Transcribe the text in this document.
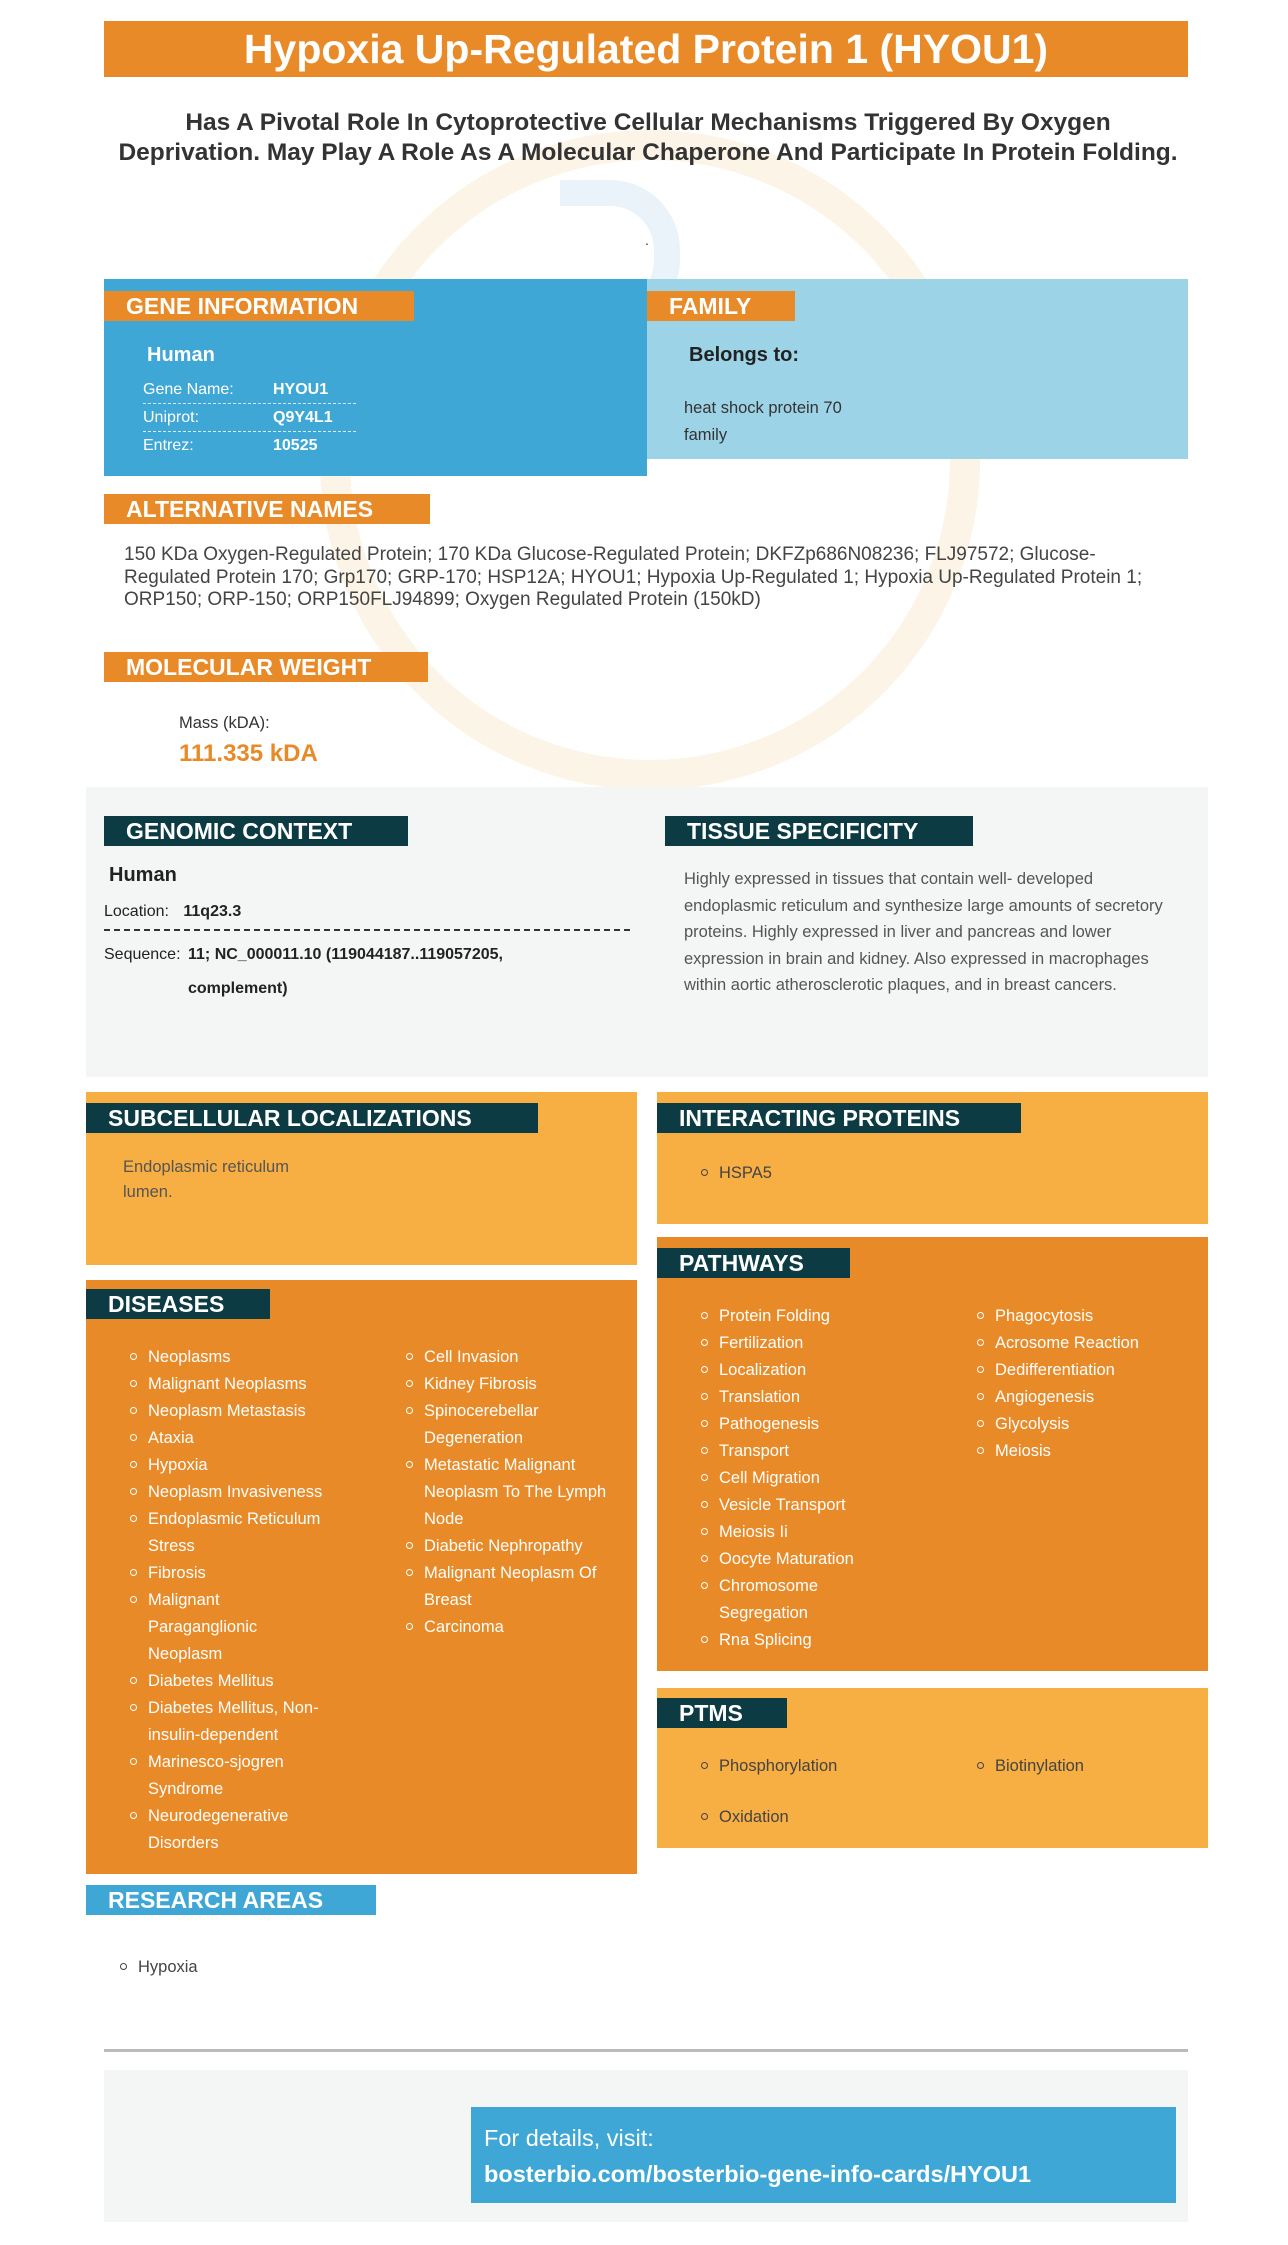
Hypoxia Up-Regulated Protein 1 (HYOU1)
Has A Pivotal Role In Cytoprotective Cellular Mechanisms Triggered By Oxygen Deprivation. May Play A Role As A Molecular Chaperone And Participate In Protein Folding.
.
GENE INFORMATION
Human
Gene Name:	HYOU1
Uniprot:	Q9Y4L1
Entrez:	10525
FAMILY
Belongs to:
heat shock protein 70 family
ALTERNATIVE NAMES
150 KDa Oxygen-Regulated Protein; 170 KDa Glucose-Regulated Protein; DKFZp686N08236; FLJ97572; Glucose-Regulated Protein 170; Grp170; GRP-170; HSP12A; HYOU1; Hypoxia Up-Regulated 1; Hypoxia Up-Regulated Protein 1; ORP150; ORP-150; ORP150FLJ94899; Oxygen Regulated Protein (150kD)
MOLECULAR WEIGHT
Mass (kDA):
111.335 kDA
GENOMIC CONTEXT
Human
Location: 11q23.3
Sequence: 11; NC_000011.10 (119044187..119057205, complement)
TISSUE SPECIFICITY
Highly expressed in tissues that contain well- developed endoplasmic reticulum and synthesize large amounts of secretory proteins. Highly expressed in liver and pancreas and lower expression in brain and kidney. Also expressed in macrophages within aortic atherosclerotic plaques, and in breast cancers.
SUBCELLULAR LOCALIZATIONS
Endoplasmic reticulum lumen.
INTERACTING PROTEINS
HSPA5
DISEASES
Neoplasms
Malignant Neoplasms
Neoplasm Metastasis
Ataxia
Hypoxia
Neoplasm Invasiveness
Endoplasmic Reticulum Stress
Fibrosis
Malignant Paraganglionic Neoplasm
Diabetes Mellitus
Diabetes Mellitus, Non-insulin-dependent
Marinesco-sjogren Syndrome
Neurodegenerative Disorders
Cell Invasion
Kidney Fibrosis
Spinocerebellar Degeneration
Metastatic Malignant Neoplasm To The Lymph Node
Diabetic Nephropathy
Malignant Neoplasm Of Breast
Carcinoma
PATHWAYS
Protein Folding
Fertilization
Localization
Translation
Pathogenesis
Transport
Cell Migration
Vesicle Transport
Meiosis Ii
Oocyte Maturation
Chromosome Segregation
Rna Splicing
Phagocytosis
Acrosome Reaction
Dedifferentiation
Angiogenesis
Glycolysis
Meiosis
PTMS
Phosphorylation
Oxidation
Biotinylation
RESEARCH AREAS
Hypoxia
For details, visit:
bosterbio.com/bosterbio-gene-info-cards/HYOU1
